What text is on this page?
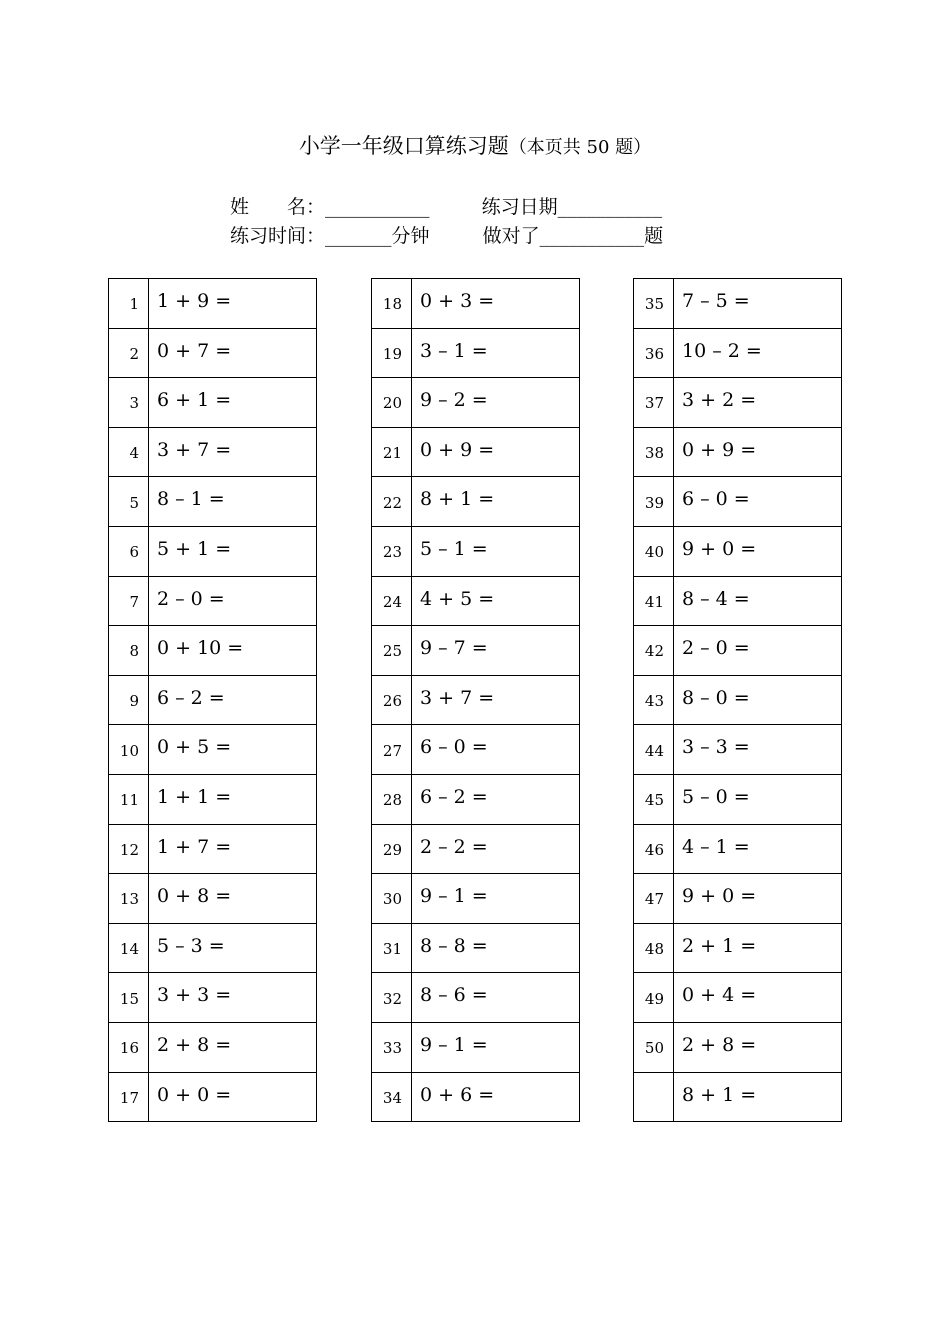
小学一年级口算练习题（本页共 50 题）
姓　　名：___________	练习日期___________
练习时间：_______分钟	做对了___________题
1	1 + 9 =
2	0 + 7 =
3	6 + 1 =
4	3 + 7 =
5	8 – 1 =
6	5 + 1 =
7	2 – 0 =
8	0 + 10 =
9	6 – 2 =
10	0 + 5 =
11	1 + 1 =
12	1 + 7 =
13	0 + 8 =
14	5 – 3 =
15	3 + 3 =
16	2 + 8 =
17	0 + 0 =
18	0 + 3 =
19	3 – 1 =
20	9 – 2 =
21	0 + 9 =
22	8 + 1 =
23	5 – 1 =
24	4 + 5 =
25	9 – 7 =
26	3 + 7 =
27	6 – 0 =
28	6 – 2 =
29	2 – 2 =
30	9 – 1 =
31	8 – 8 =
32	8 – 6 =
33	9 – 1 =
34	0 + 6 =
35	7 – 5 =
36	10 – 2 =
37	3 + 2 =
38	0 + 9 =
39	6 – 0 =
40	9 + 0 =
41	8 – 4 =
42	2 – 0 =
43	8 – 0 =
44	3 – 3 =
45	5 – 0 =
46	4 – 1 =
47	9 + 0 =
48	2 + 1 =
49	0 + 4 =
50	2 + 8 =
	8 + 1 =
